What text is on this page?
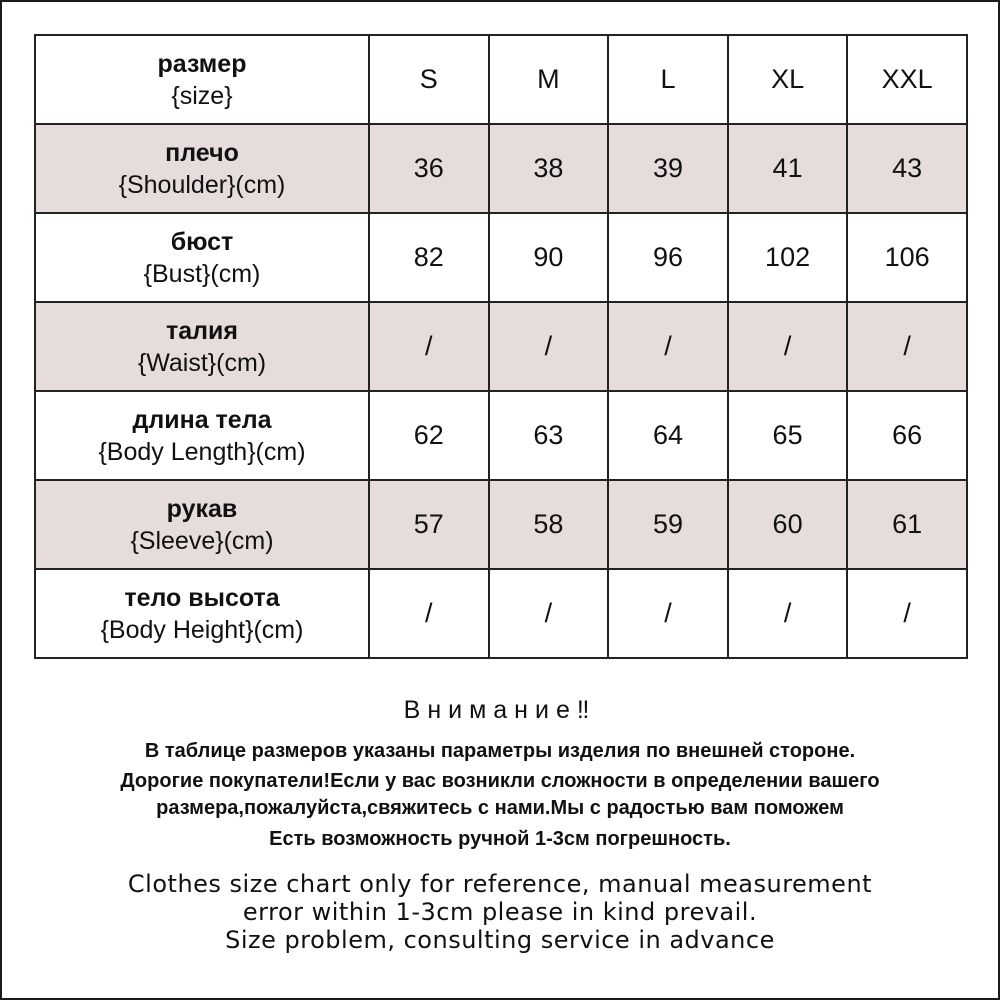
размер
{size}	S	M	L	XL	XXL

плечо
{Shoulder}(cm)	36	38	39	41	43

бюст
{Bust}(cm)	82	90	96	102	106

талия
{Waist}(cm)	/	/	/	/	/

длина тела
{Body Length}(cm)	62	63	64	65	66

рукав
{Sleeve}(cm)	57	58	59	60	61

тело высота
{Body Height}(cm)	/	/	/	/	/
Внимание‼
В таблице размеров указаны параметры изделия по внешней стороне.
Дорогие покупатели!Если у вас возникли сложности в определении вашего
размера,пожалуйста,свяжитесь с нами.Мы с радостью вам поможем
Есть возможность ручной 1-3см погрешность.
Clothes size chart only for reference, manual measurement
error within 1-3cm please in kind prevail.
Size problem, consulting service in advance
